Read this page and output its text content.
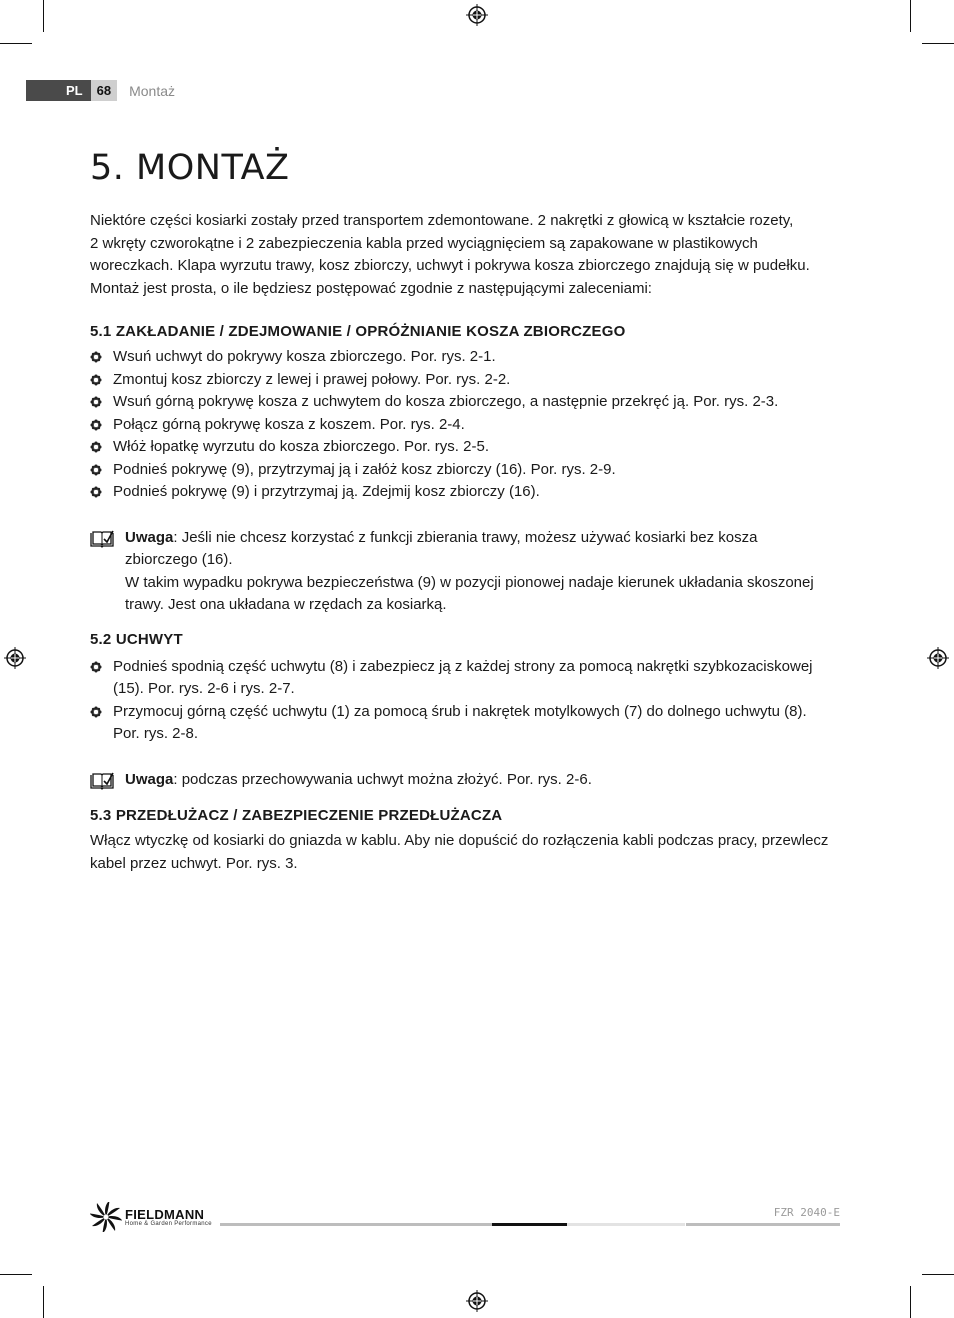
PL	68	Montaż
5. MONTAŻ

Niektóre części kosiarki zostały przed transportem zdemontowane. 2 nakrętki z głowicą w kształcie rozety,
2 wkręty czworokątne i 2 zabezpieczenia kabla przed wyciągnięciem są zapakowane w plastikowych
woreczkach. Klapa wyrzutu trawy, kosz zbiorczy, uchwyt i pokrywa kosza zbiorczego znajdują się w pudełku.
Montaż jest prosta, o ile będziesz postępować zgodnie z następującymi zaleceniami:

5.1 ZAKŁADANIE / ZDEJMOWANIE / OPRÓŻNIANIE KOSZA ZBIORCZEGO
Wsuń uchwyt do pokrywy kosza zbiorczego. Por. rys. 2-1.
Zmontuj kosz zbiorczy z lewej i prawej połowy. Por. rys. 2-2.
Wsuń górną pokrywę kosza z uchwytem do kosza zbiorczego, a następnie przekręć ją. Por. rys. 2-3.
Połącz górną pokrywę kosza z koszem. Por. rys. 2-4.
Włóż łopatkę wyrzutu do kosza zbiorczego. Por. rys. 2-5.
Podnieś pokrywę (9), przytrzymaj ją i załóż kosz zbiorczy (16). Por. rys. 2-9.
Podnieś pokrywę (9) i przytrzymaj ją. Zdejmij kosz zbiorczy (16).
Uwaga: Jeśli nie chcesz korzystać z funkcji zbierania trawy, możesz używać kosiarki bez kosza
zbiorczego (16).
W takim wypadku pokrywa bezpieczeństwa (9) w pozycji pionowej nadaje kierunek układania skoszonej
trawy. Jest ona układana w rzędach za kosiarką.
5.2 UCHWYT
Podnieś spodnią część uchwytu (8) i zabezpiecz ją z każdej strony za pomocą nakrętki szybkozaciskowej
(15). Por. rys. 2-6 i rys. 2-7.
Przymocuj górną część uchwytu (1) za pomocą śrub i nakrętek motylkowych (7) do dolnego uchwytu (8).
Por. rys. 2-8.
Uwaga: podczas przechowywania uchwyt można złożyć. Por. rys. 2-6.
5.3 PRZEDŁUŻACZ / ZABEZPIECZENIE PRZEDŁUŻACZA

Włącz wtyczkę od kosiarki do gniazda w kablu. Aby nie dopuścić do rozłączenia kabli podczas pracy, przewlecz
kabel przez uchwyt. Por. rys. 3.

FIELDMANN
Home & Garden Performance
FZR 2040-E
